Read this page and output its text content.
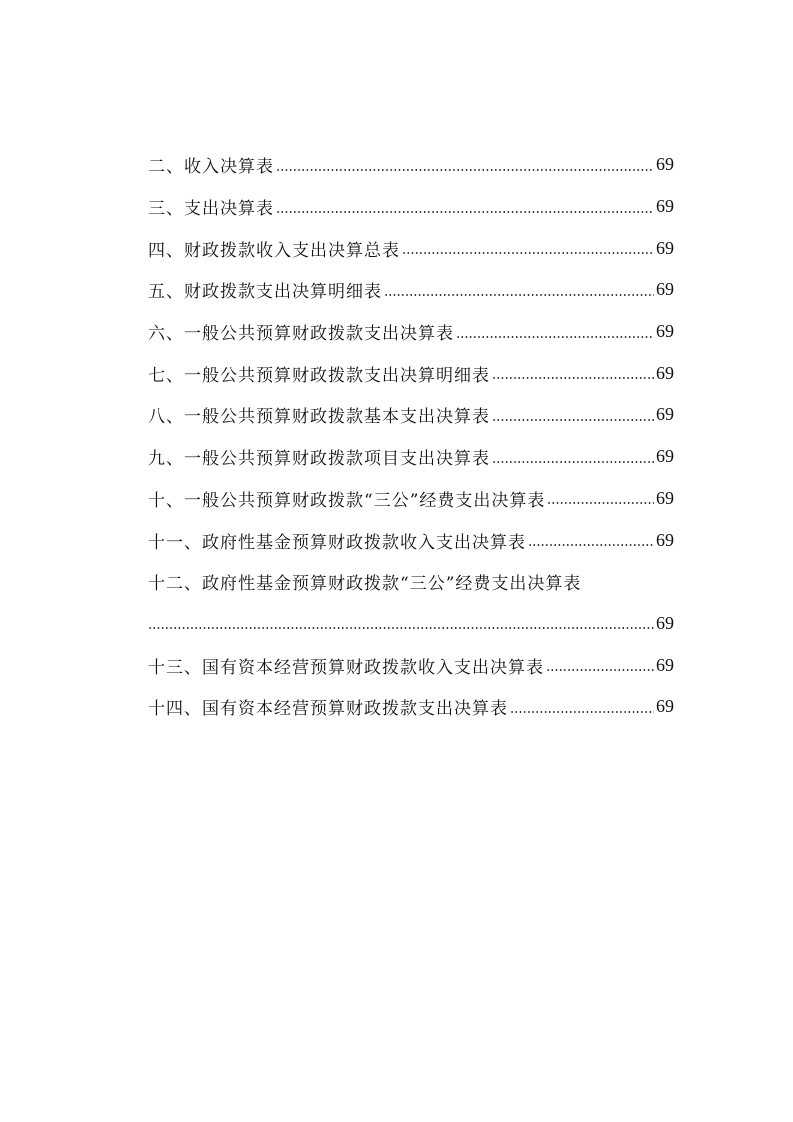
二、收入决算表	69
三、支出决算表	69
四、财政拨款收入支出决算总表	69
五、财政拨款支出决算明细表	69
六、一般公共预算财政拨款支出决算表	69
七、一般公共预算财政拨款支出决算明细表	69
八、一般公共预算财政拨款基本支出决算表	69
九、一般公共预算财政拨款项目支出决算表	69
十、一般公共预算财政拨款“三公”经费支出决算表	69
十一、政府性基金预算财政拨款收入支出决算表	69
十二、政府性基金预算财政拨款“三公”经费支出决算表
69
十三、国有资本经营预算财政拨款收入支出决算表	69
十四、国有资本经营预算财政拨款支出决算表	69
